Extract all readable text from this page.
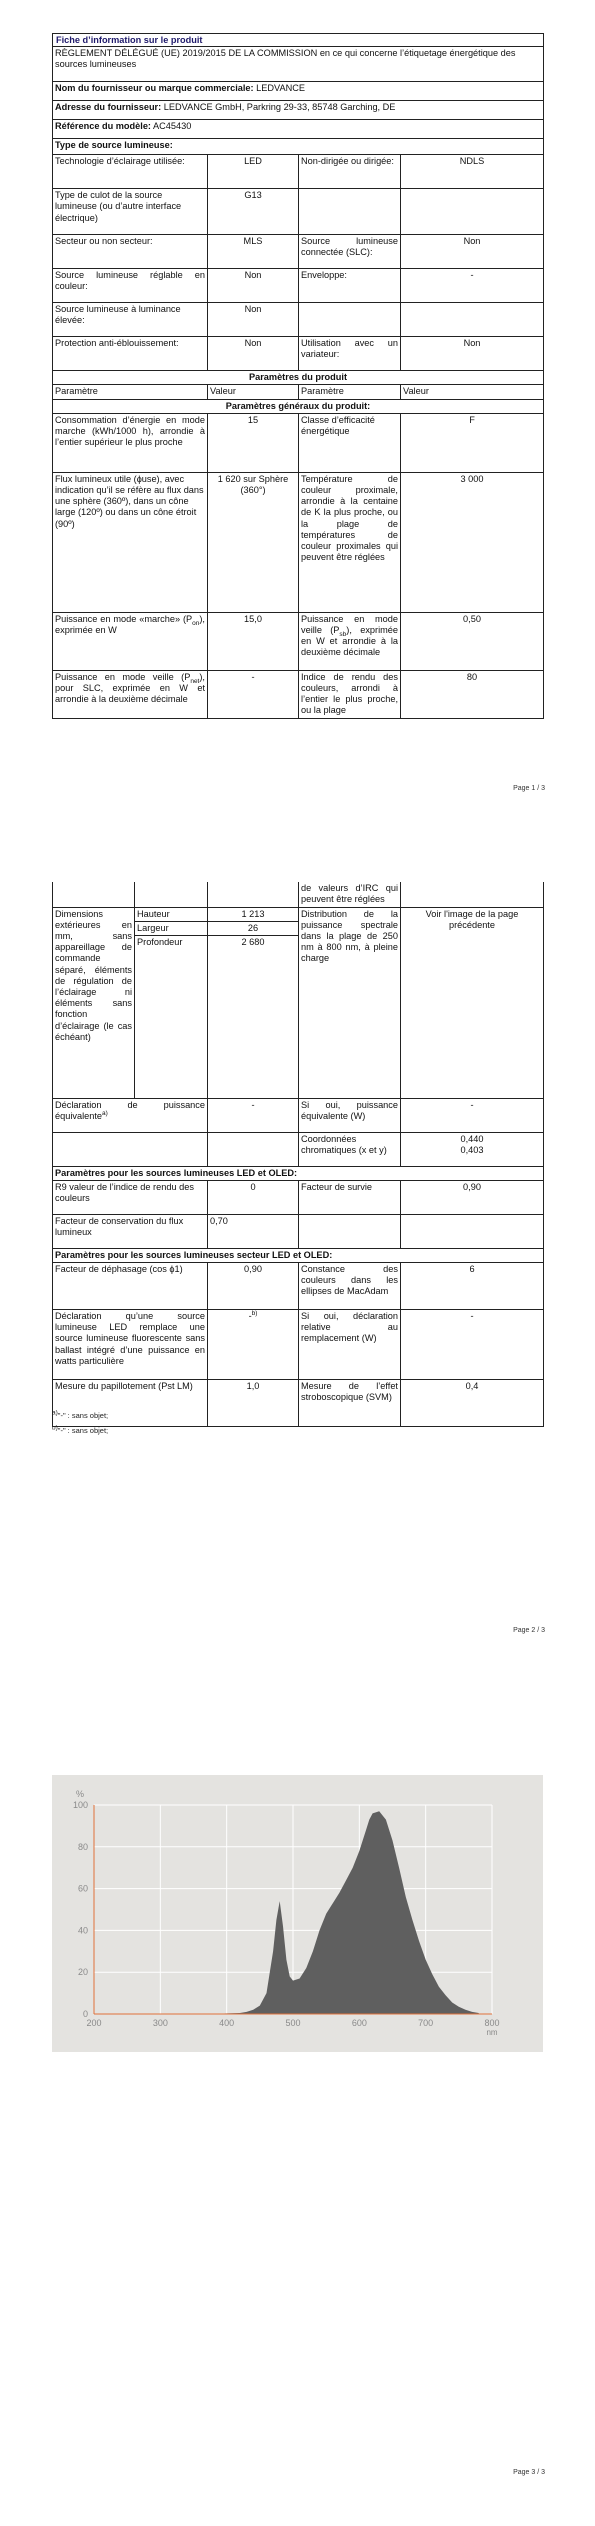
Fiche d’information sur le produit			
RÈGLEMENT DÉLÉGUÉ (UE) 2019/2015 DE LA COMMISSION en ce qui concerne l’étiquetage énergétique des sources lumineuses			
Nom du fournisseur ou marque commerciale: LEDVANCE			
Adresse du fournisseur: LEDVANCE GmbH, Parkring 29-33, 85748 Garching, DE			
Référence du modèle: AC45430			
Type de source lumineuse:			
Technologie d’éclairage utilisée:	LED	Non-dirigée ou dirigée:	NDLS
Type de culot de la source lumineuse (ou d’autre interface électrique)	G13		
Secteur ou non secteur:	MLS	Source lumineuse connectée (SLC):	Non
Source lumineuse réglable en couleur:	Non	Enveloppe:	-
Source lumineuse à luminance élevée:	Non		
Protection anti-éblouissement:	Non	Utilisation avec un variateur:	Non
Paramètres du produit			
Paramètre	Valeur	Paramètre	Valeur
Paramètres généraux du produit:			
Consommation d’énergie en mode marche (kWh/1000 h), arrondie à l’entier supérieur le plus proche	15	Classe d’efficacité énergétique	F
Flux lumineux utile (ɸuse), avec indication qu’il se réfère au flux dans une sphère (360º), dans un cône large (120º) ou dans un cône étroit (90º)	1 620 sur Sphère (360°)	Température de couleur proximale, arrondie à la centaine de K la plus proche, ou la plage de températures de couleur proximales qui peuvent être réglées	3 000
Puissance en mode «marche» $(P_{on})$, exprimée en W	15,0	Puissance en mode veille $(P_{sb})$, exprimée en W et arrondie à la deuxième décimale	0,50
Puissance en mode veille $(P_{net})$, pour SLC, exprimée en W et arrondie à la deuxième décimale	-	Indice de rendu des couleurs, arrondi à l’entier le plus proche, ou la plage	80
Page 1 / 3
			de valeurs d’IRC qui peuvent être réglées	
Dimensions extérieures en mm, sans appareillage de commande séparé, éléments de régulation de l’éclairage ni éléments sans fonction d’éclairage (le cas échéant)	Hauteur	1 213	Distribution de la puissance spectrale dans la plage de 250 nm à 800 nm, à pleine charge	Voir l'image de la page précédente
	Largeur	26		
	Profondeur	2 680		

Déclaration de puissance équivalente$^{a)}$		-	Si oui, puissance équivalente (W)	-
			Coordonnées chromatiques (x et y)	0,440
0,403

Paramètres pour les sources lumineuses LED et OLED:				
R9 valeur de l’indice de rendu des couleurs		0	Facteur de survie	0,90
Facteur de conservation du flux lumineux		0,70		
Paramètres pour les sources lumineuses secteur LED et OLED:				
Facteur de déphasage (cos ϕ1)		0,90	Constance des couleurs dans les ellipses de MacAdam	6
Déclaration qu’une source lumineuse LED remplace une source lumineuse fluorescente sans ballast intégré d’une puissance en watts particulière		-$^{b)}$	Si oui, déclaration relative au remplacement (W)	-
Mesure du papillotement (Pst LM)		1,0	Mesure de l’effet stroboscopique (SVM)	0,4
$^{a)}$"-" : sans objet;
$^{b)}$"-" : sans objet;
Page 2 / 3
Page 3 / 3
200	300	400	500	600	700	800
0
20
40
60
80
100
%
nm
